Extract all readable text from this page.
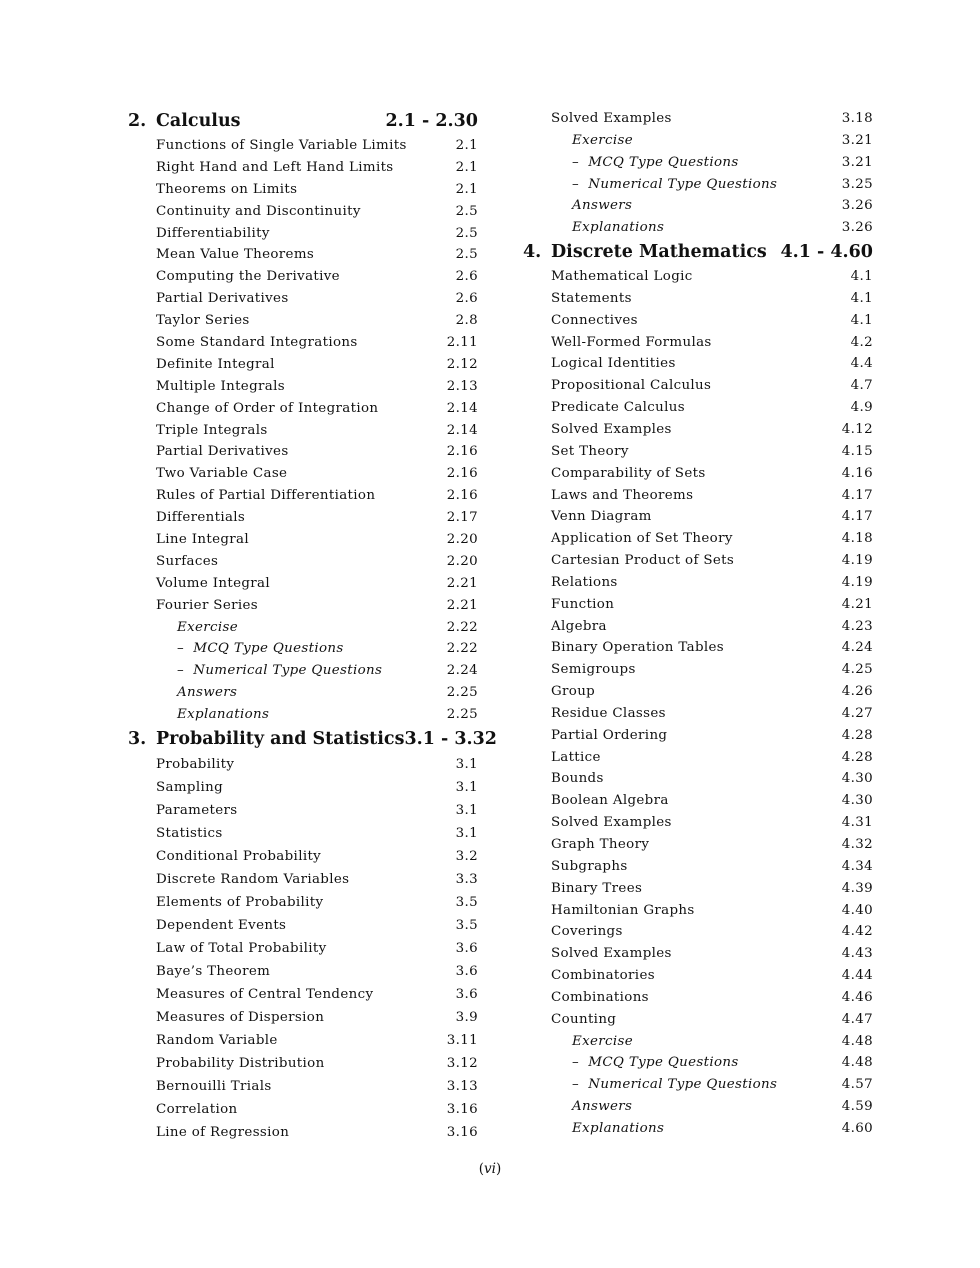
2. Calculus	2.1 - 2.30
Functions of Single Variable Limits	2.1
Right Hand and Left Hand Limits	2.1
Theorems on Limits	2.1
Continuity and Discontinuity	2.5
Differentiability	2.5
Mean Value Theorems	2.5
Computing the Derivative	2.6
Partial Derivatives	2.6
Taylor Series	2.8
Some Standard Integrations	2.11
Definite Integral	2.12
Multiple Integrals	2.13
Change of Order of Integration	2.14
Triple Integrals	2.14
Partial Derivatives	2.16
Two Variable Case	2.16
Rules of Partial Differentiation	2.16
Differentials	2.17
Line Integral	2.20
Surfaces	2.20
Volume Integral	2.21
Fourier Series	2.21
Exercise	2.22
–  MCQ Type Questions	2.22
–  Numerical Type Questions	2.24
Answers	2.25
Explanations	2.25
3. Probability and Statistics 3.1 - 3.32
Probability	3.1
Sampling	3.1
Parameters	3.1
Statistics	3.1
Conditional Probability	3.2
Discrete Random Variables	3.3
Elements of Probability	3.5
Dependent Events	3.5
Law of Total Probability	3.6
Baye’s Theorem	3.6
Measures of Central Tendency	3.6
Measures of Dispersion	3.9
Random Variable	3.11
Probability Distribution	3.12
Bernouilli Trials	3.13
Correlation	3.16
Line of Regression	3.16
Solved Examples	3.18
Exercise	3.21
–  MCQ Type Questions	3.21
–  Numerical Type Questions	3.25
Answers	3.26
Explanations	3.26
4. Discrete Mathematics 4.1 - 4.60
Mathematical Logic	4.1
Statements	4.1
Connectives	4.1
Well-Formed Formulas	4.2
Logical Identities	4.4
Propositional Calculus	4.7
Predicate Calculus	4.9
Solved Examples	4.12
Set Theory	4.15
Comparability of Sets	4.16
Laws and Theorems	4.17
Venn Diagram	4.17
Application of Set Theory	4.18
Cartesian Product of Sets	4.19
Relations	4.19
Function	4.21
Algebra	4.23
Binary Operation Tables	4.24
Semigroups	4.25
Group	4.26
Residue Classes	4.27
Partial Ordering	4.28
Lattice	4.28
Bounds	4.30
Boolean Algebra	4.30
Solved Examples	4.31
Graph Theory	4.32
Subgraphs	4.34
Binary Trees	4.39
Hamiltonian Graphs	4.40
Coverings	4.42
Solved Examples	4.43
Combinatories	4.44
Combinations	4.46
Counting	4.47
Exercise	4.48
–  MCQ Type Questions	4.48
–  Numerical Type Questions	4.57
Answers	4.59
Explanations	4.60
(vi)
